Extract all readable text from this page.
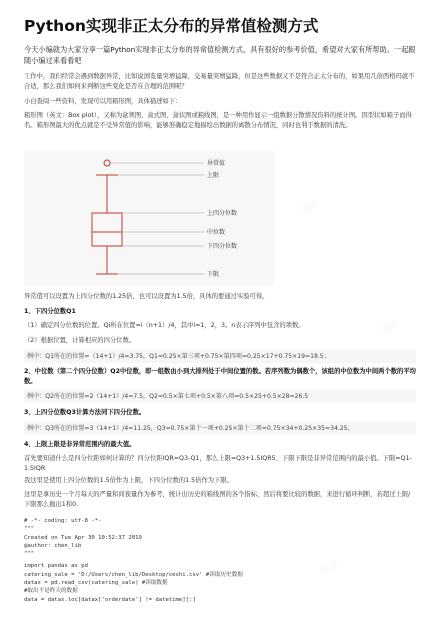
Python实现非正太分布的异常值检测方式
今天小编就为大家分享一篇Python实现非正太分布的异常值检测方式，具有很好的参考价值，希望对大家有所帮助。一起跟随小编过来看看吧
工作中，我们经常会遇到数据异常，比如说浏览量突增猛降，交易量突增猛降，但是这些数据又不是符合正太分布的，如果用几倍西格玛就不合适，那么我们如何来判断这些变化是否在合理的范围呢？
小白查阅一些资料，发现可以用箱形图，具体描述如下：
箱形图（英文：Box plot），又称为盒须图、盒式图、盒状图或箱线图，是一种用作显示一组数据分散情况资料的统计图。因型状如箱子而得名。箱形图最大的优点就是不受异常值的影响，能够准确稳定地描绘出数据的离散分布情况，同时也利于数据的清洗。
异常值
上限
上四分位数
中位数
下四分位数
下限
异常值可以设置为上四分位数的1.25倍，也可以设置为1.5倍，具体的要通过实验可得。
1、下四分位数Q1
（1）确定四分位数的位置。Qi所在位置=i（n+1）/4，其中i=1，2，3。n表示序列中包含的项数。
（2）根据位置，计算相应的四分位数。
例中：Q1所在的位置=（14+1）/4=3.75，Q1=0.25×第三项+0.75×第四项=0.25×17+0.75×19=18.5；
2、中位数（第二个四分位数）Q2中位数，即一组数由小到大排列处于中间位置的数。若序列数为偶数个，该组的中位数为中间两个数的平均数。
例中：Q2所在的位置=2（14+1）/4=7.5，Q2=0.5×第七项+0.5×第八项=0.5×25+0.5×28=26.5
3、上四分位数Q3计算方法同下四分位数。
例中：Q3所在的位置=3（14+1）/4=11.25，Q3=0.75×第十一项+0.25×第十二项=0.75×34+0.25×35=34.25。
4、上限上限是非异常范围内的最大值。
首先要知道什么是四分位距如何计算的？四分位距IQR=Q3-Q1，那么上限=Q3+1.5IQR5、下限下限是非异常范围内的最小值。下限=Q1-1.5IQR
我这里是使用上四分位数的1.5倍作为上限，下四分位数的1.5倍作为下限。
这里是拿历史一个月每天的严量和间夜量作为参考，统计出历史的箱线图的各个指标，然后将要比较的数据，来进行循环判断，若超过上限/下限那么抛出1和0.
# -*- coding: utf-8 -*-
"""
Created on Tue Apr 30 10:52:37 2019
@author: chen_lib
"""
import pandas as pd
catering_sale = 'D:/Users/chen_lib/Desktop/ceshi.csv' #读取历史数据
datax = pd.read_csv(catering_sale) #读取数据
#取出不是昨天的数据
data = datax.loc[datax['orderdate'] != datetime][:]
试读
试读
试读
